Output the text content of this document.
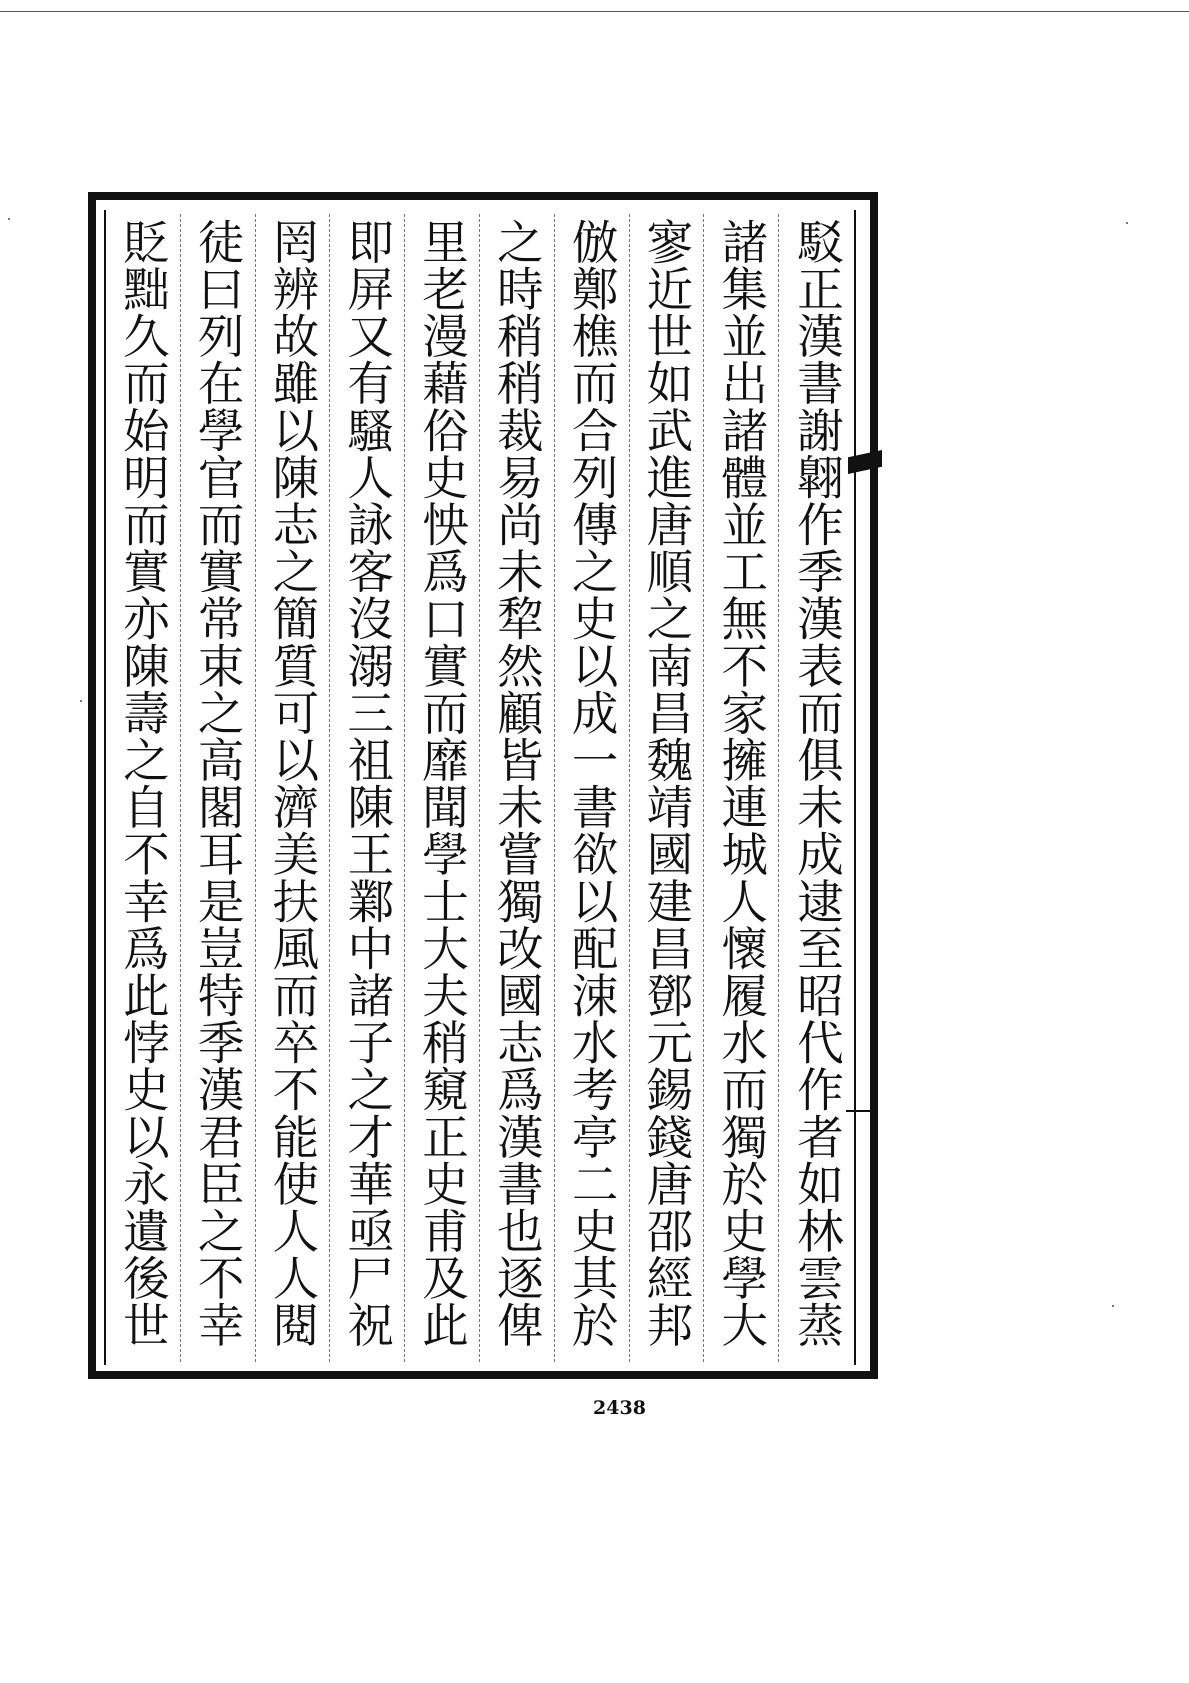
駁正漢書謝翺作季漢表而俱未成逮至昭代作者如林雲蒸
諸集並出諸體並工無不家擁連城人懷履水而獨於史學大
寥近世如武進唐順之南昌魏靖國建昌鄧元錫錢唐邵經邦
倣鄭樵而合列傳之史以成一書欲以配涑水考亭二史其於
之時稍稍裁易尚未犂然顧皆未嘗獨改國志爲漢書也逐俾
里老漫藉俗史怏爲口實而靡聞學士大夫稍窺正史甫及此
即屏又有騷人詠客沒溺三祖陳王鄴中諸子之才華亟尸祝
罔辨故雖以陳志之簡質可以濟美扶風而卒不能使人人閱
徒曰列在學官而實常束之高閣耳是豈特季漢君臣之不幸
貶黜久而始明而實亦陳壽之自不幸爲此悖史以永遺後世
2438
